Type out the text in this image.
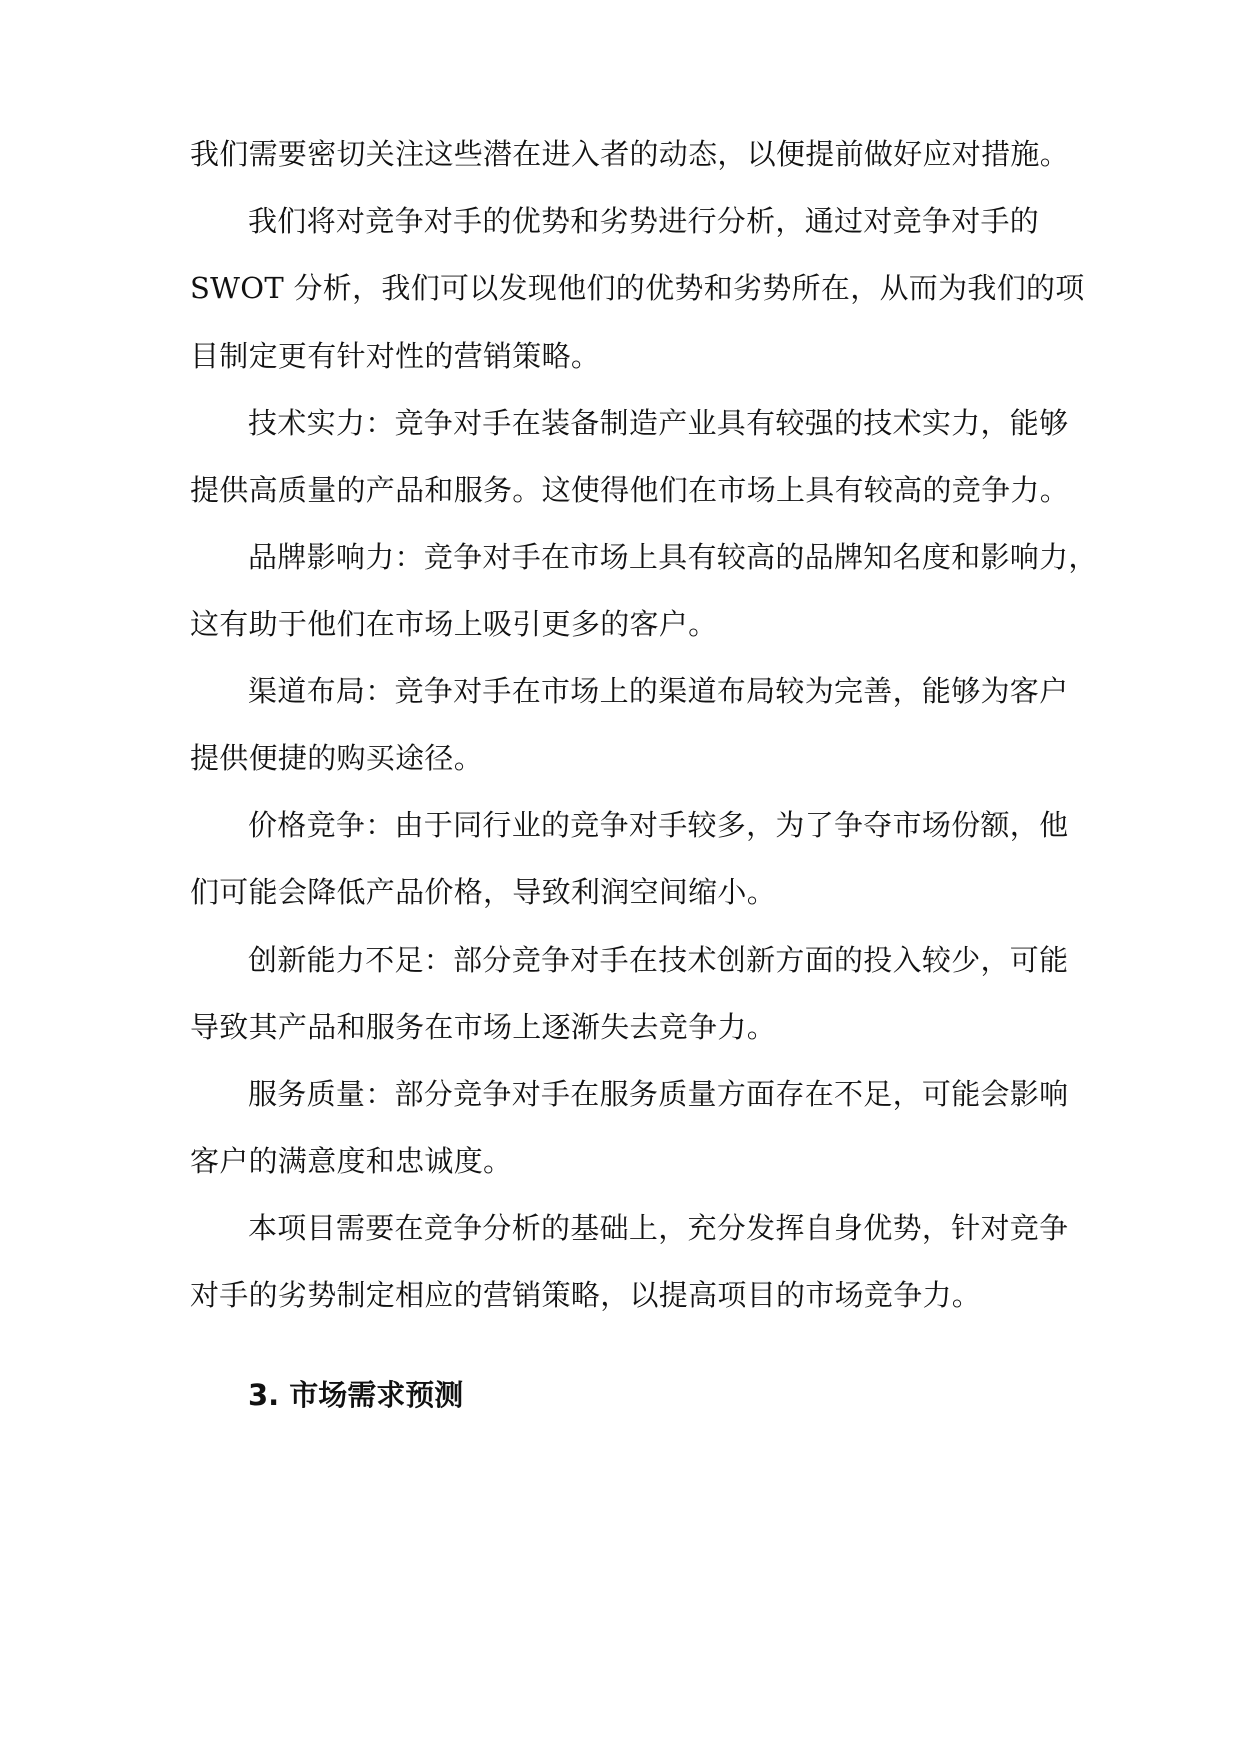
我们需要密切关注这些潜在进入者的动态，以便提前做好应对措施。
我们将对竞争对手的优势和劣势进行分析，通过对竞争对手的
SWOT 分析，我们可以发现他们的优势和劣势所在，从而为我们的项
目制定更有针对性的营销策略。
技术实力：竞争对手在装备制造产业具有较强的技术实力，能够
提供高质量的产品和服务。这使得他们在市场上具有较高的竞争力。
品牌影响力：竞争对手在市场上具有较高的品牌知名度和影响力，
这有助于他们在市场上吸引更多的客户。
渠道布局：竞争对手在市场上的渠道布局较为完善，能够为客户
提供便捷的购买途径。
价格竞争：由于同行业的竞争对手较多，为了争夺市场份额，他
们可能会降低产品价格，导致利润空间缩小。
创新能力不足：部分竞争对手在技术创新方面的投入较少，可能
导致其产品和服务在市场上逐渐失去竞争力。
服务质量：部分竞争对手在服务质量方面存在不足，可能会影响
客户的满意度和忠诚度。
本项目需要在竞争分析的基础上，充分发挥自身优势，针对竞争
对手的劣势制定相应的营销策略，以提高项目的市场竞争力。
3. 市场需求预测
